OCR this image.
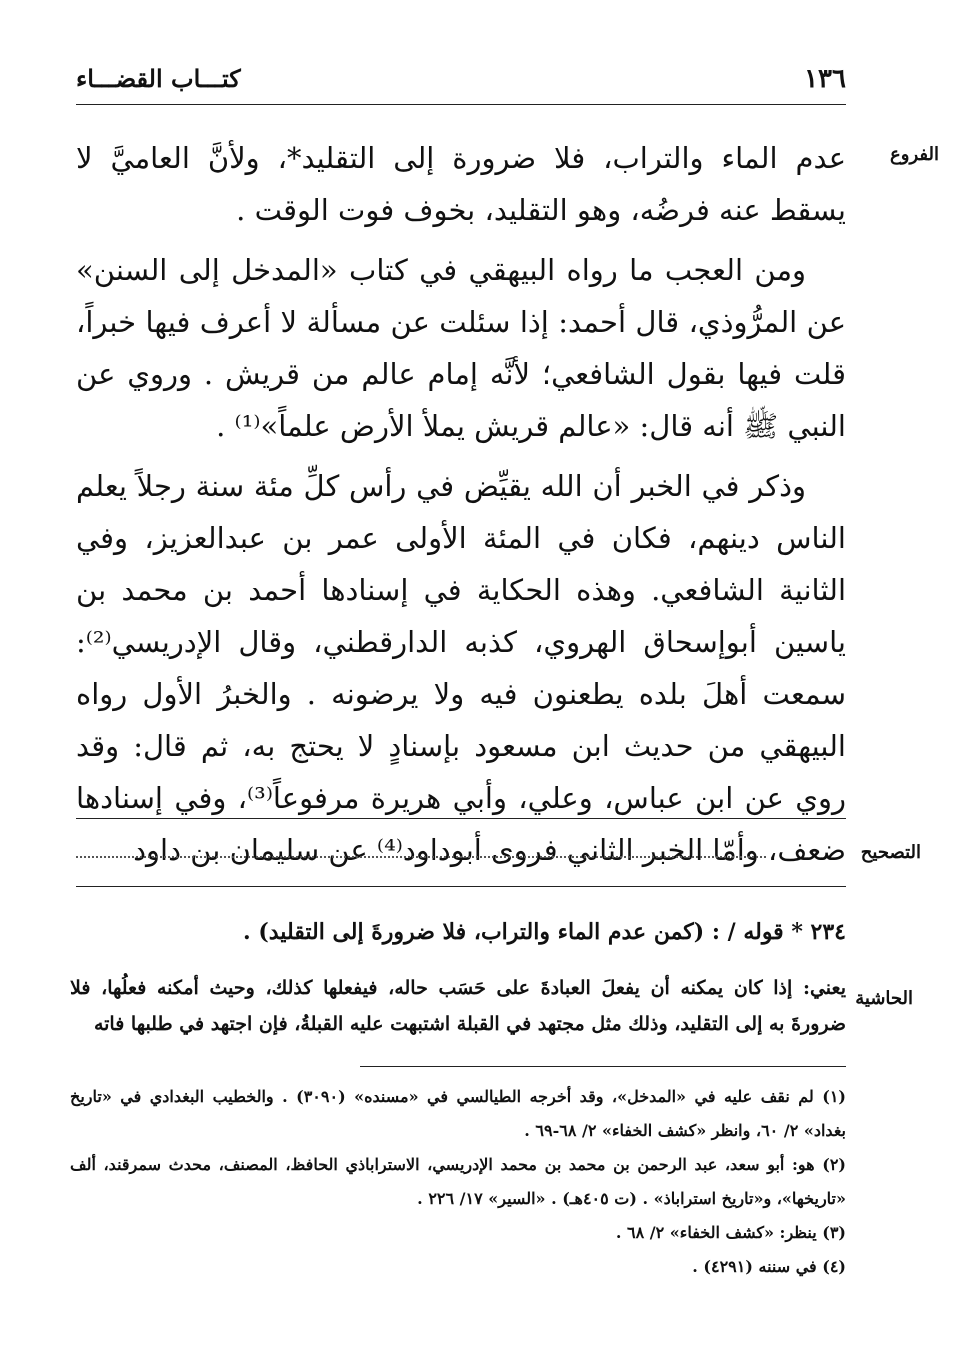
١٣٦
كتـــاب القضـــاء
الفروع

عدم الماء والتراب، فلا ضرورة إلى التقليد*، ولأنَّ العاميَّ لا يسقط عنه فرضُه، وهو التقليد، بخوف فوت الوقت .

ومن العجب ما رواه البيهقي في كتاب «المدخل إلى السنن» عن المرُّوذي، قال أحمد: إذا سئلت عن مسألة لا أعرف فيها خبراً، قلت فيها بقول الشافعي؛ لأنَّه إمام عالم من قريش . وروي عن النبي ﷺ أنه قال: «عالم قريش يملأ الأرض علماً»⁽¹⁾ .

وذكر في الخبر أن الله يقيِّض في رأس كلِّ مئة سنة رجلاً يعلم الناس دينهم، فكان في المئة الأولى عمر بن عبدالعزيز، وفي الثانية الشافعي. وهذه الحكاية في إسنادها أحمد بن محمد بن ياسين أبوإسحاق الهروي، كذبه الدارقطني، وقال الإدريسي⁽²⁾: سمعت أهلَ بلده يطعنون فيه ولا يرضونه . والخبرُ الأول رواه البيهقي من حديث ابن مسعود بإسنادٍ لا يحتج به، ثم قال: وقد روي عن ابن عباس، وعلي، وأبي هريرة مرفوعاً⁽³⁾، وفي إسنادها ضعف، وأمّا الخبر الثاني فروى أبوداود⁽⁴⁾ عن سليمان بن داود التصحيح
٢٣٤ * قوله / : (كمن عدم الماء والتراب، فلا ضرورةَ إلى التقليد) .
الحاشية
يعني: إذا كان يمكنه أن يفعلَ العبادةَ على حَسَب حاله، فيفعلها كذلك، وحيث أمكنه فعلُها، فلا ضرورةَ به إلى التقليد، وذلك مثل مجتهد في القبلة اشتبهت عليه القبلةُ، فإن اجتهد في طلبها فاته
(١) لم نقف عليه في «المدخل»، وقد أخرجه الطيالسي في «مسنده» (٣٠٩٠) . والخطيب البغدادي في «تاريخ بغداد» ٢/ ٦٠، وانظر «كشف الخفاء» ٢/ ٦٨-٦٩ .
(٢) هو: أبو سعد، عبد الرحمن بن محمد بن محمد الإدريسي، الاستراباذي الحافظ، المصنف، محدث سمرقند، ألف «تاريخها»، و«تاريخ استراباذ» . (ت ٤٠٥هـ) . «السير» ١٧/ ٢٢٦ .
(٣) ينظر: «كشف الخفاء» ٢/ ٦٨ .
(٤) في سننه (٤٢٩١) .
